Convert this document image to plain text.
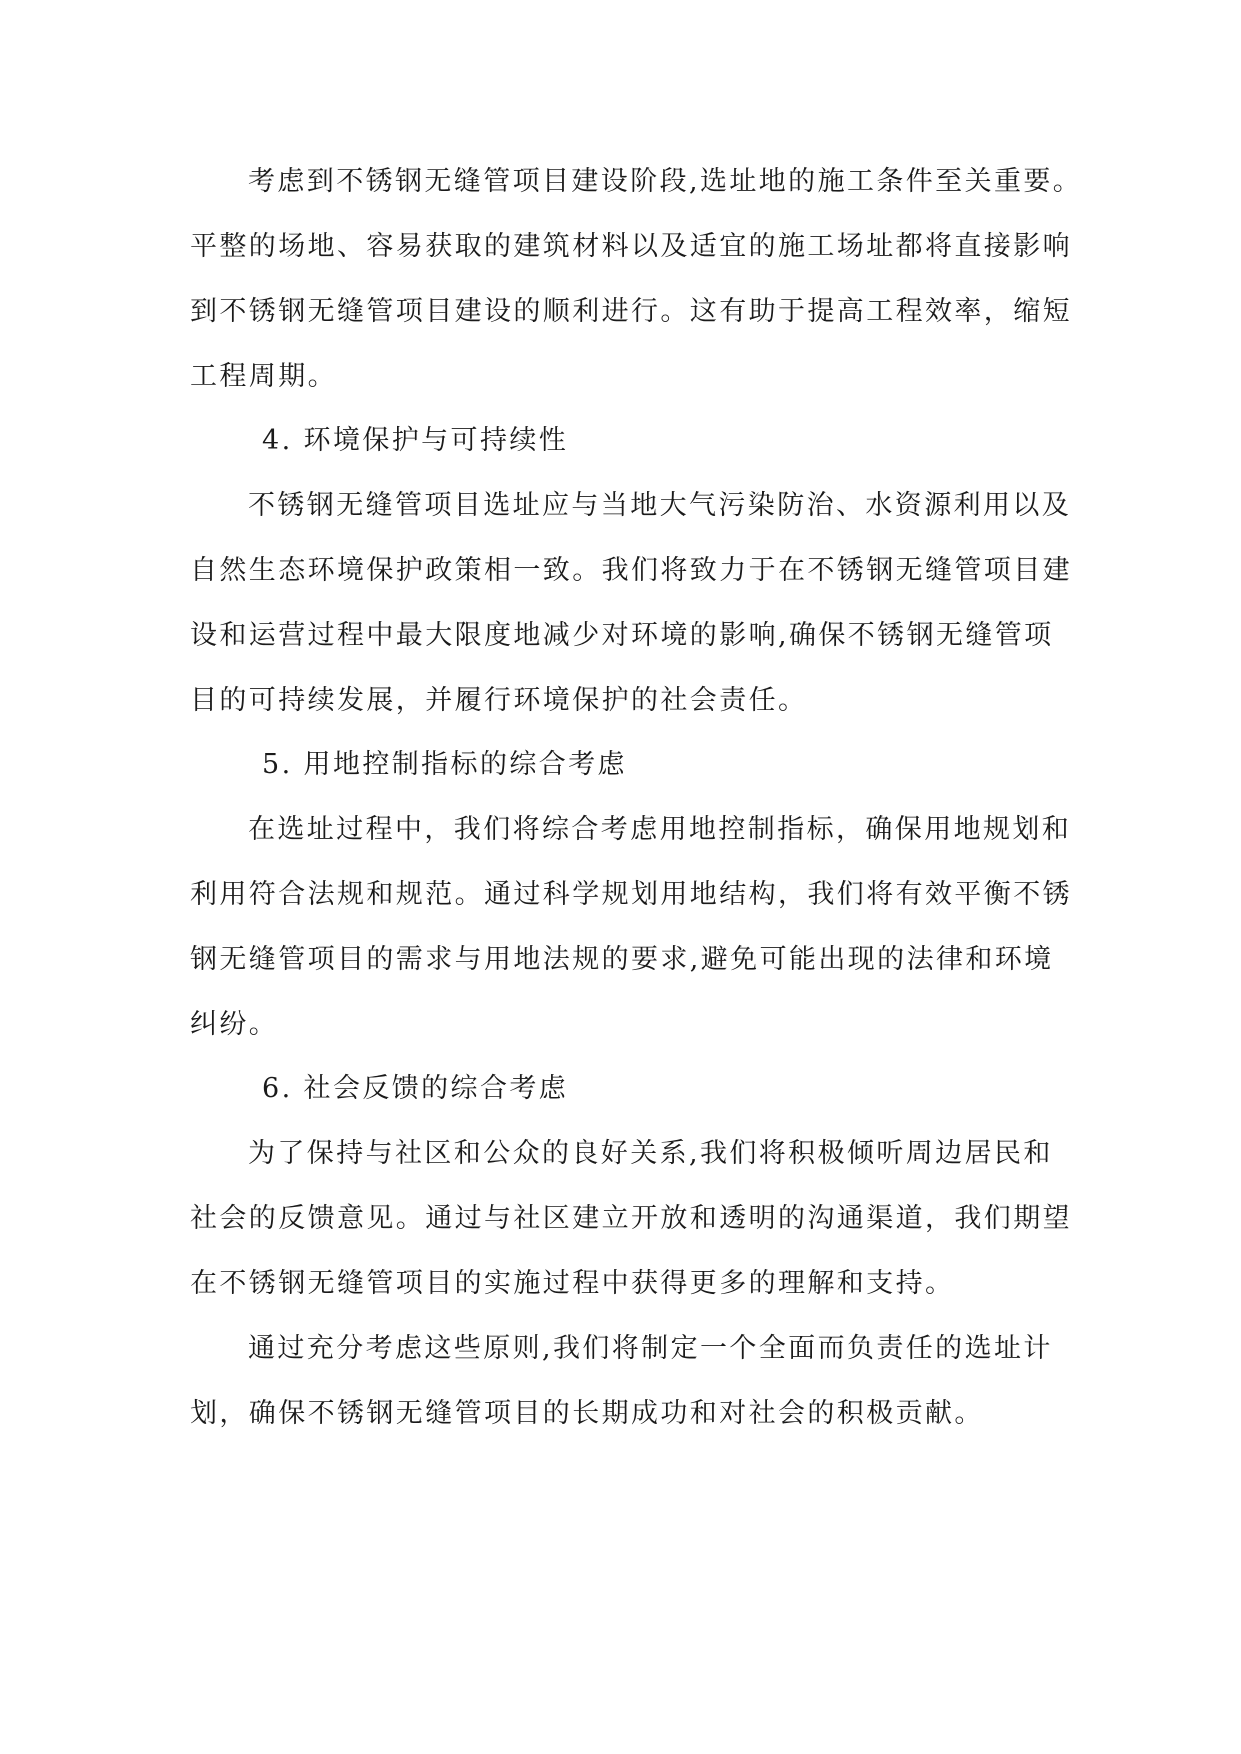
考虑到不锈钢无缝管项目建设阶段,选址地的施工条件至关重要。
平整的场地、容易获取的建筑材料以及适宜的施工场址都将直接影响
到不锈钢无缝管项目建设的顺利进行。这有助于提高工程效率，缩短
工程周期。
4. 环境保护与可持续性
不锈钢无缝管项目选址应与当地大气污染防治、水资源利用以及
自然生态环境保护政策相一致。我们将致力于在不锈钢无缝管项目建
设和运营过程中最大限度地减少对环境的影响,确保不锈钢无缝管项
目的可持续发展，并履行环境保护的社会责任。
5. 用地控制指标的综合考虑
在选址过程中，我们将综合考虑用地控制指标，确保用地规划和
利用符合法规和规范。通过科学规划用地结构，我们将有效平衡不锈
钢无缝管项目的需求与用地法规的要求,避免可能出现的法律和环境
纠纷。
6. 社会反馈的综合考虑
为了保持与社区和公众的良好关系,我们将积极倾听周边居民和
社会的反馈意见。通过与社区建立开放和透明的沟通渠道，我们期望
在不锈钢无缝管项目的实施过程中获得更多的理解和支持。
通过充分考虑这些原则,我们将制定一个全面而负责任的选址计
划，确保不锈钢无缝管项目的长期成功和对社会的积极贡献。
